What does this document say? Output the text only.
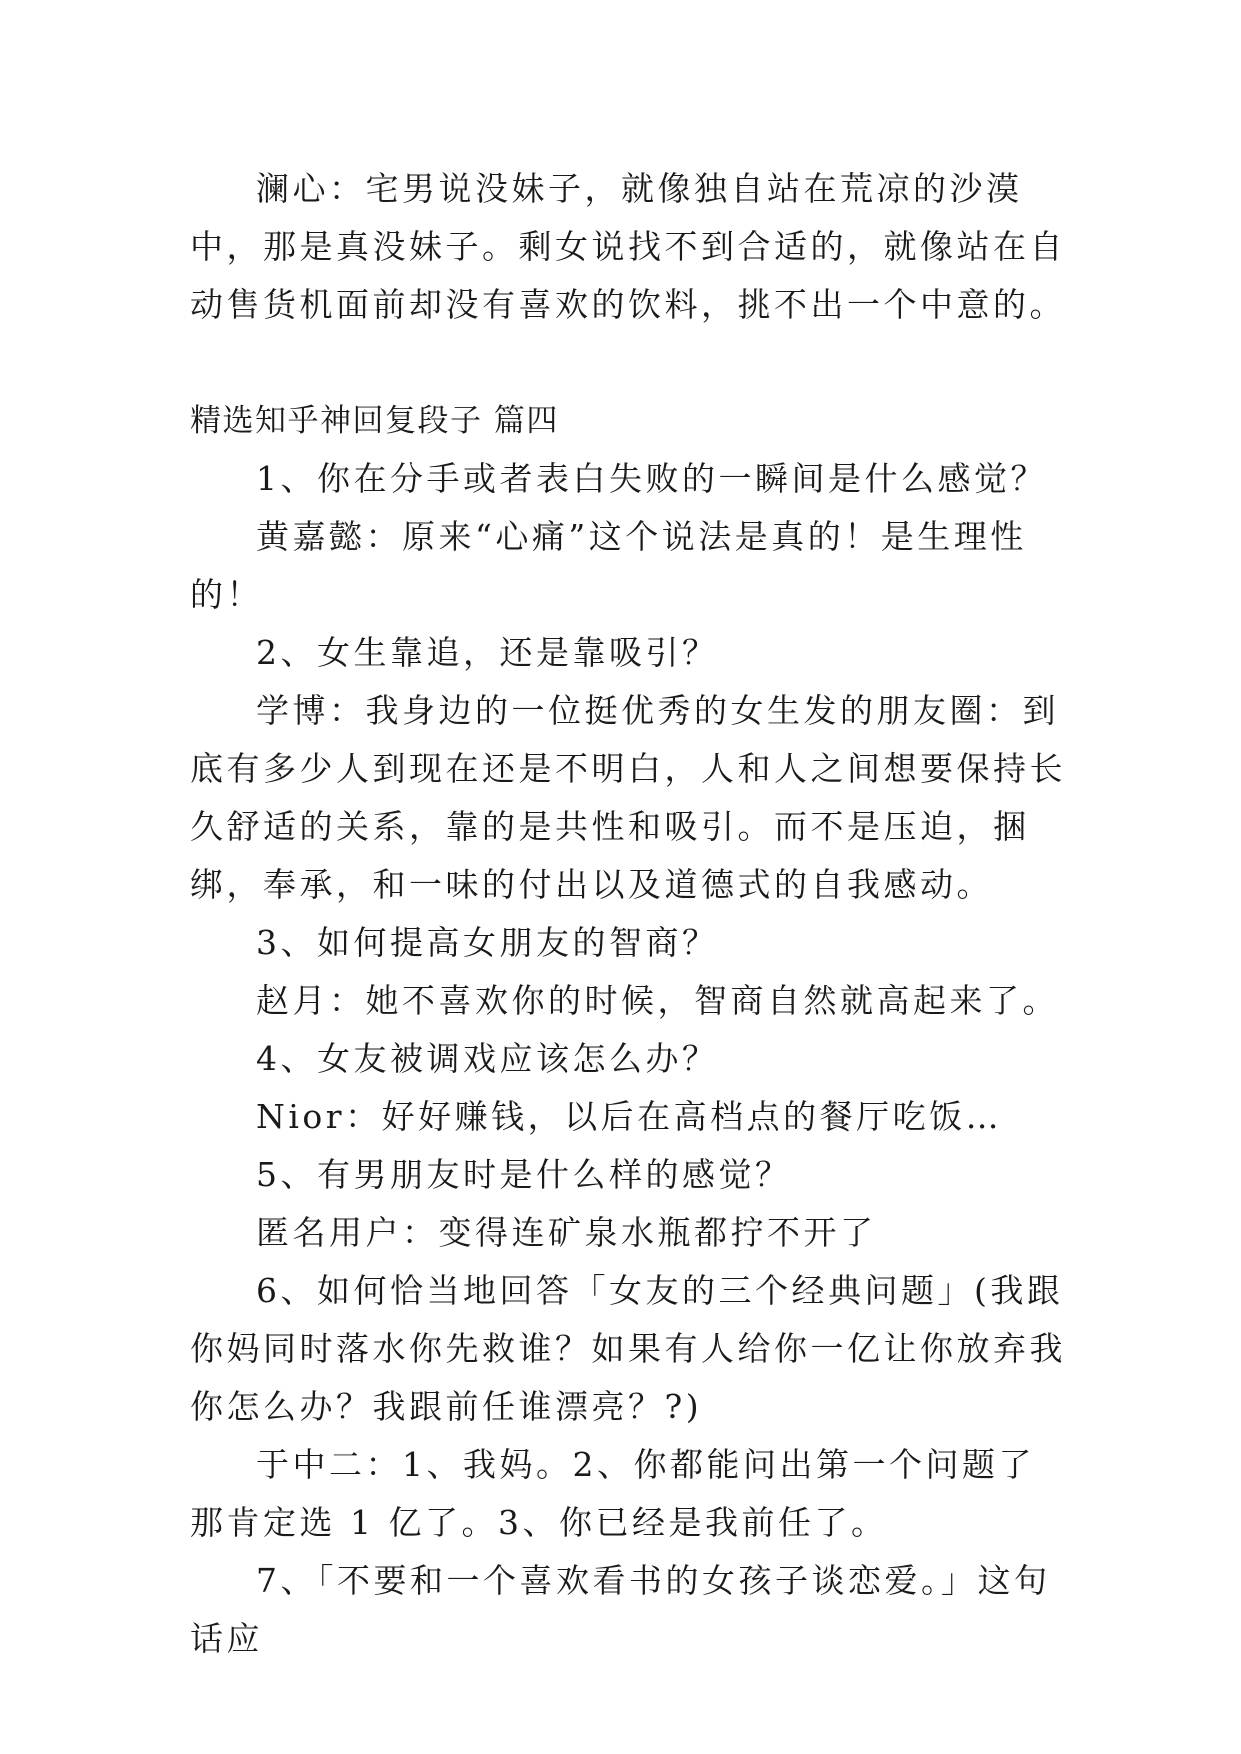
澜心：宅男说没妹子，就像独自站在荒凉的沙漠中，那是真没妹子。剩女说找不到合适的，就像站在自动售货机面前却没有喜欢的饮料，挑不出一个中意的。

精选知乎神回复段子 篇四

1、你在分手或者表白失败的一瞬间是什么感觉？

黄嘉懿：原来“心痛”这个说法是真的！是生理性的！

2、女生靠追，还是靠吸引？

学博：我身边的一位挺优秀的女生发的朋友圈：到底有多少人到现在还是不明白，人和人之间想要保持长久舒适的关系，靠的是共性和吸引。而不是压迫，捆绑，奉承，和一味的付出以及道德式的自我感动。

3、如何提高女朋友的智商？

赵月：她不喜欢你的时候，智商自然就高起来了。

4、女友被调戏应该怎么办？

Nior：好好赚钱，以后在高档点的餐厅吃饭…

5、有男朋友时是什么样的感觉？

匿名用户：变得连矿泉水瓶都拧不开了

6、如何恰当地回答「女友的三个经典问题」(我跟你妈同时落水你先救谁？如果有人给你一亿让你放弃我你怎么办？我跟前任谁漂亮？?)

于中二：1、我妈。2、你都能问出第一个问题了那肯定选 1 亿了。3、你已经是我前任了。

7、「不要和一个喜欢看书的女孩子谈恋爱。」这句话应
